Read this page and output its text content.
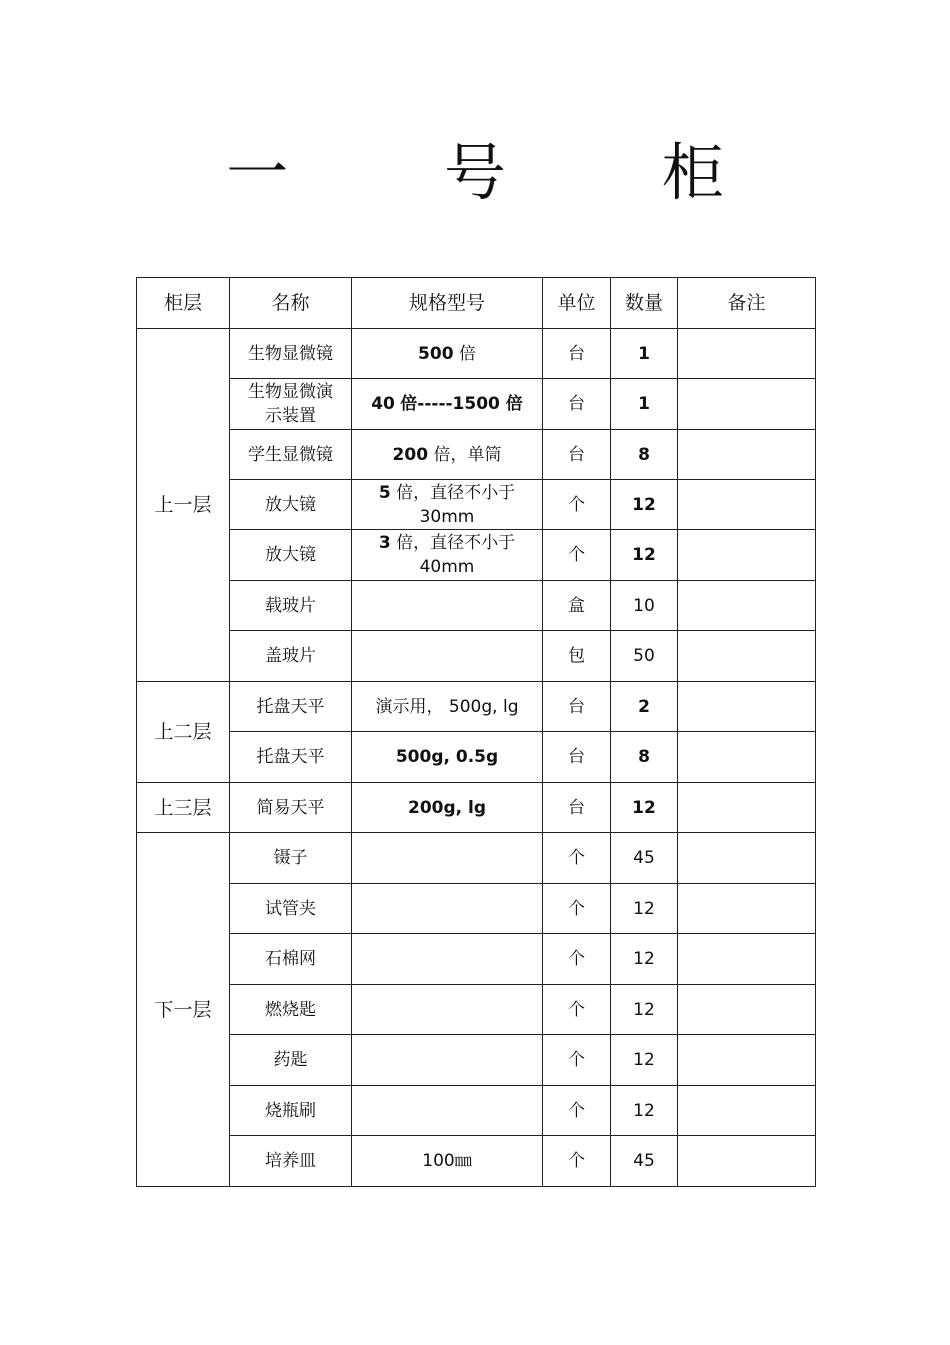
一 号 柜
柜层	名称	规格型号	单位	数量	备注
上一层	生物显微镜	500 倍	台	1	
	生物显微演示装置	40 倍-----1500 倍	台	1	
	学生显微镜	200 倍，单筒	台	8	
	放大镜	5 倍，直径不小于 30mm	个	12	
	放大镜	3 倍，直径不小于 40mm	个	12	
	载玻片		盒	10	
	盖玻片		包	50	
上二层	托盘天平	演示用， 500g, lg	台	2	
	托盘天平	500g, 0.5g	台	8	
上三层	简易天平	200g, lg	台	12	
下一层	镊子		个	45	
	试管夹		个	12	
	石棉网		个	12	
	燃烧匙		个	12	
	药匙		个	12	
	烧瓶刷		个	12	
	培养皿	100㎜	个	45	
